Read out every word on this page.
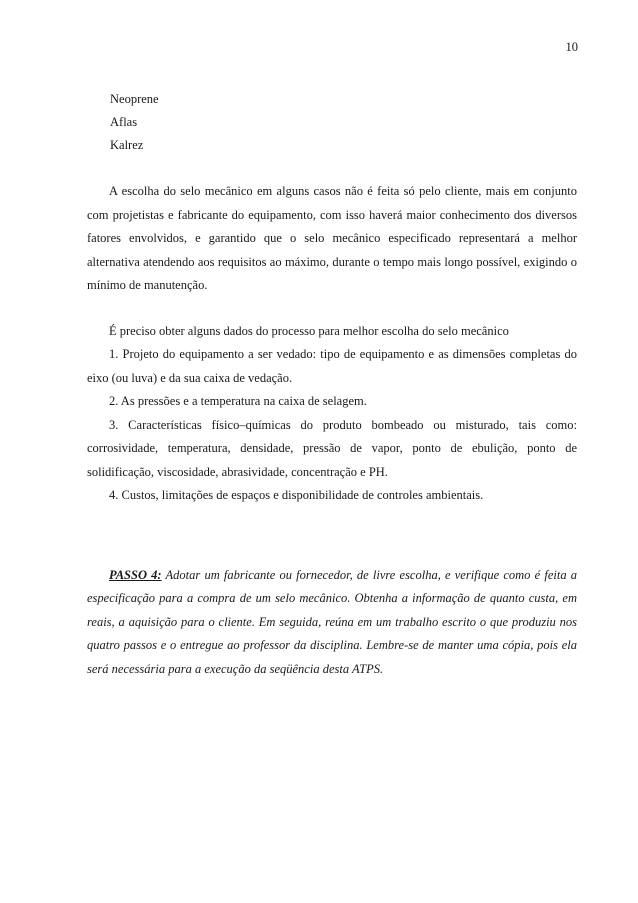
10
Neoprene
Aflas
Kalrez

A escolha do selo mecânico em alguns casos não é feita só pelo cliente, mais em conjunto com projetistas e fabricante do equipamento, com isso haverá maior conhecimento dos diversos fatores envolvidos, e garantido que o selo mecânico especificado representará a melhor alternativa atendendo aos requisitos ao máximo, durante o tempo mais longo possível, exigindo o mínimo de manutenção.

É preciso obter alguns dados do processo para melhor escolha do selo mecânico

1. Projeto do equipamento a ser vedado: tipo de equipamento e as dimensões completas do eixo (ou luva) e da sua caixa de vedação.

2. As pressões e a temperatura na caixa de selagem.

3. Características físico–químicas do produto bombeado ou misturado, tais como: corrosividade, temperatura, densidade, pressão de vapor, ponto de ebulição, ponto de solidificação, viscosidade, abrasividade, concentração e PH.

4. Custos, limitações de espaços e disponibilidade de controles ambientais.

PASSO 4: Adotar um fabricante ou fornecedor, de livre escolha, e verifique como é feita a especificação para a compra de um selo mecânico. Obtenha a informação de quanto custa, em reais, a aquisição para o cliente. Em seguida, reúna em um trabalho escrito o que produziu nos quatro passos e o entregue ao professor da disciplina. Lembre-se de manter uma cópia, pois ela será necessária para a execução da seqüência desta ATPS.
